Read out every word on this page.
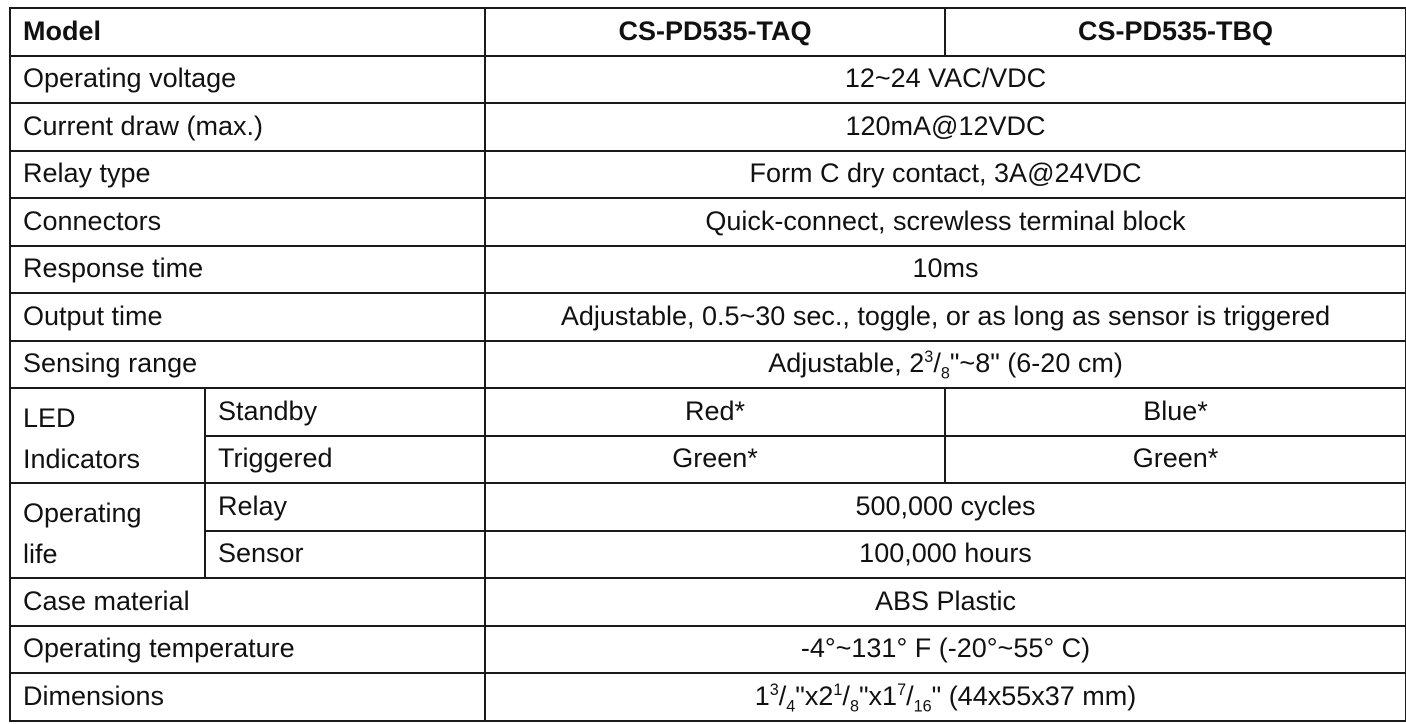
Model		CS-PD535-TAQ	CS-PD535-TBQ
Operating voltage		12~24 VAC/VDC	
Current draw (max.)		120mA@12VDC	
Relay type		Form C dry contact, 3A@24VDC	
Connectors		Quick-connect, screwless terminal block	
Response time		10ms	
Output time		Adjustable, 0.5~30 sec., toggle, or as long as sensor is triggered	
Sensing range		Adjustable, $2^3/_8"\sim 8$" (6-20 cm)	

LED
Indicators	Standby	Red*	Blue*
	Triggered	Green*	Green*

Operating
life	Relay	500,000 cycles	
	Sensor	100,000 hours	
Case material		ABS Plastic	
Operating temperature		-4°~131° F (-20°~55° C)	
Dimensions		$1^3/_4"x2^1/_8"x1^7/_{16}$" (44x55x37 mm)	
